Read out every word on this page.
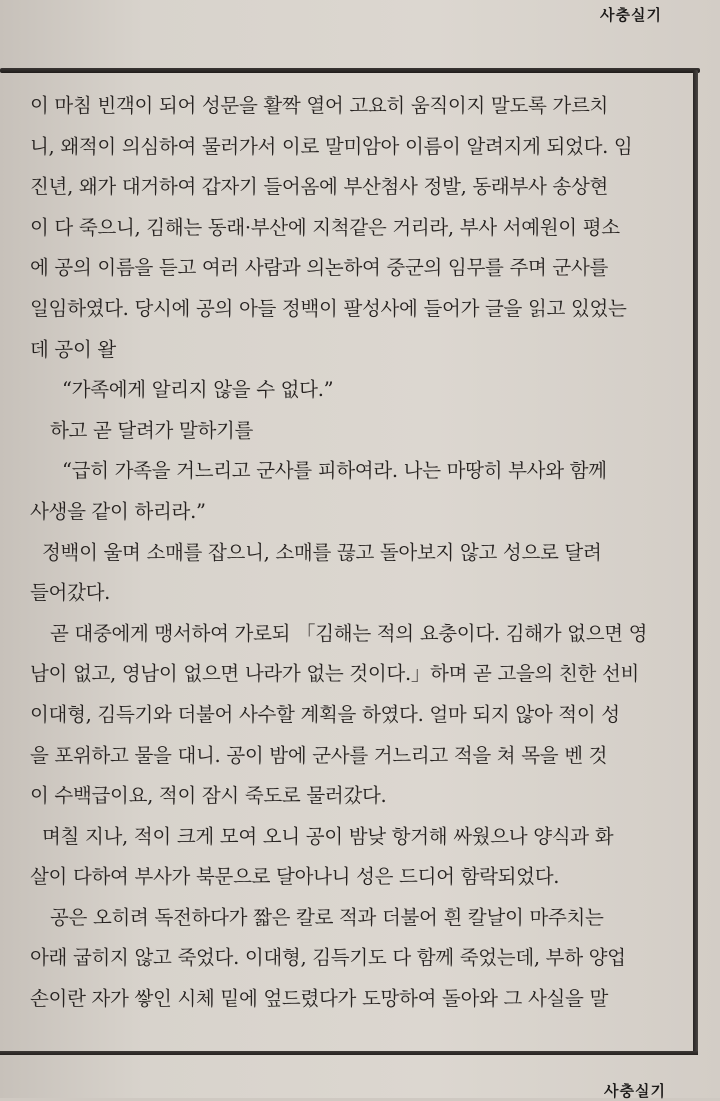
사충실기
이 마침 빈객이 되어 성문을 활짝 열어 고요히 움직이지 말도록 가르치
니, 왜적이 의심하여 물러가서 이로 말미암아 이름이 알려지게 되었다. 임
진년, 왜가 대거하여 갑자기 들어옴에 부산첨사 정발, 동래부사 송상현
이 다 죽으니, 김해는 동래·부산에 지척같은 거리라, 부사 서예원이 평소
에 공의 이름을 듣고 여러 사람과 의논하여 중군의 임무를 주며 군사를
일임하였다. 당시에 공의 아들 정백이 팔성사에 들어가 글을 읽고 있었는
데 공이 왈
“가족에게 알리지 않을 수 없다.”
하고 곧 달려가 말하기를
“급히 가족을 거느리고 군사를 피하여라. 나는 마땅히 부사와 함께
사생을 같이 하리라.”
정백이 울며 소매를 잡으니, 소매를 끊고 돌아보지 않고 성으로 달려
들어갔다.
곧 대중에게 맹서하여 가로되 「김해는 적의 요충이다. 김해가 없으면 영
남이 없고, 영남이 없으면 나라가 없는 것이다.」하며 곧 고을의 친한 선비
이대형, 김득기와 더불어 사수할 계획을 하였다. 얼마 되지 않아 적이 성
을 포위하고 물을 대니. 공이 밤에 군사를 거느리고 적을 쳐 목을 벤 것
이 수백급이요, 적이 잠시 죽도로 물러갔다.
며칠 지나, 적이 크게 모여 오니 공이 밤낮 항거해 싸웠으나 양식과 화
살이 다하여 부사가 북문으로 달아나니 성은 드디어 함락되었다.
공은 오히려 독전하다가 짧은 칼로 적과 더불어 흰 칼날이 마주치는
아래 굽히지 않고 죽었다. 이대형, 김득기도 다 함께 죽었는데, 부하 양업
손이란 자가 쌓인 시체 밑에 엎드렸다가 도망하여 돌아와 그 사실을 말
사충실기
